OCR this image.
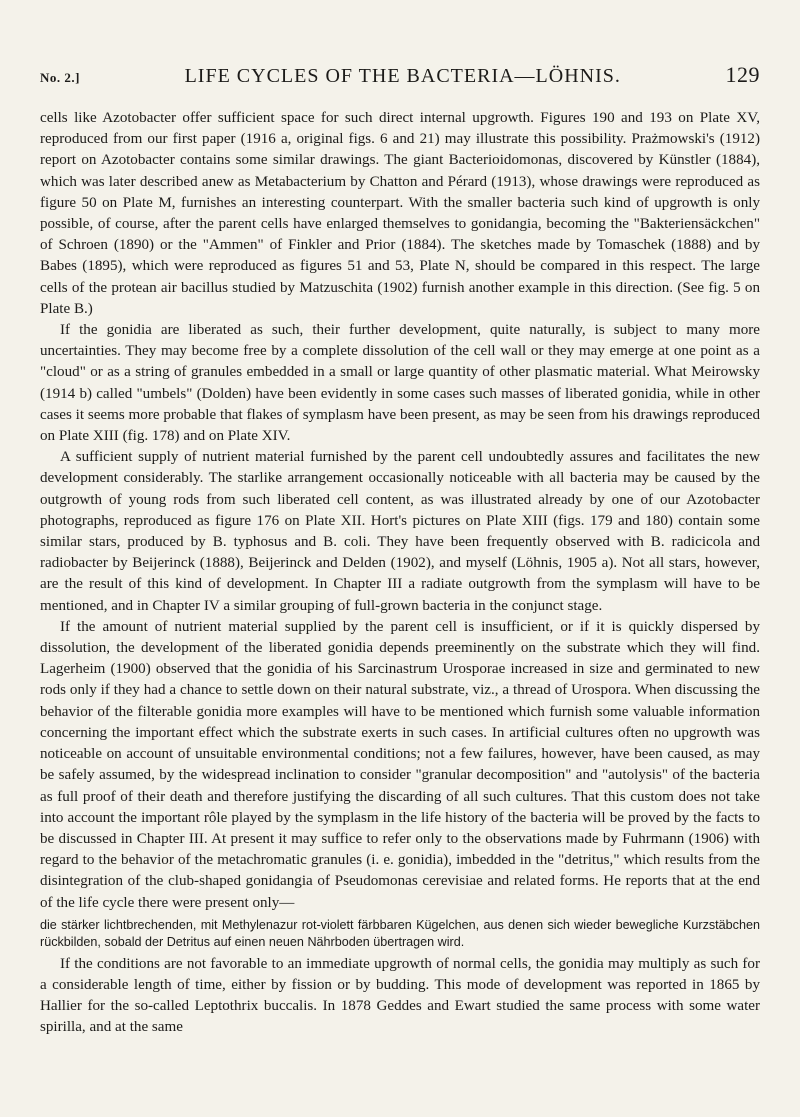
No. 2.]	LIFE CYCLES OF THE BACTERIA—LÖHNIS.	129

cells like Azotobacter offer sufficient space for such direct internal upgrowth. Figures 190 and 193 on Plate XV, reproduced from our first paper (1916 a, original figs. 6 and 21) may illustrate this possibility. Prażmowski's (1912) report on Azotobacter contains some similar drawings. The giant Bacterioidomonas, discovered by Künstler (1884), which was later described anew as Metabacterium by Chatton and Pérard (1913), whose drawings were reproduced as figure 50 on Plate M, furnishes an interesting counterpart. With the smaller bacteria such kind of upgrowth is only possible, of course, after the parent cells have enlarged themselves to gonidangia, becoming the "Bakteriensäckchen" of Schroen (1890) or the "Ammen" of Finkler and Prior (1884). The sketches made by Tomaschek (1888) and by Babes (1895), which were reproduced as figures 51 and 53, Plate N, should be compared in this respect. The large cells of the protean air bacillus studied by Matzuschita (1902) furnish another example in this direction. (See fig. 5 on Plate B.)

If the gonidia are liberated as such, their further development, quite naturally, is subject to many more uncertainties. They may become free by a complete dissolution of the cell wall or they may emerge at one point as a "cloud" or as a string of granules embedded in a small or large quantity of other plasmatic material. What Meirowsky (1914 b) called "umbels" (Dolden) have been evidently in some cases such masses of liberated gonidia, while in other cases it seems more probable that flakes of symplasm have been present, as may be seen from his drawings reproduced on Plate XIII (fig. 178) and on Plate XIV.

A sufficient supply of nutrient material furnished by the parent cell undoubtedly assures and facilitates the new development considerably. The starlike arrangement occasionally noticeable with all bacteria may be caused by the outgrowth of young rods from such liberated cell content, as was illustrated already by one of our Azotobacter photographs, reproduced as figure 176 on Plate XII. Hort's pictures on Plate XIII (figs. 179 and 180) contain some similar stars, produced by B. typhosus and B. coli. They have been frequently observed with B. radicicola and radiobacter by Beijerinck (1888), Beijerinck and Delden (1902), and myself (Löhnis, 1905 a). Not all stars, however, are the result of this kind of development. In Chapter III a radiate outgrowth from the symplasm will have to be mentioned, and in Chapter IV a similar grouping of full-grown bacteria in the conjunct stage.

If the amount of nutrient material supplied by the parent cell is insufficient, or if it is quickly dispersed by dissolution, the development of the liberated gonidia depends preeminently on the substrate which they will find. Lagerheim (1900) observed that the gonidia of his Sarcinastrum Urosporae increased in size and germinated to new rods only if they had a chance to settle down on their natural substrate, viz., a thread of Urospora. When discussing the behavior of the filterable gonidia more examples will have to be mentioned which furnish some valuable information concerning the important effect which the substrate exerts in such cases. In artificial cultures often no upgrowth was noticeable on account of unsuitable environmental conditions; not a few failures, however, have been caused, as may be safely assumed, by the widespread inclination to consider "granular decomposition" and "autolysis" of the bacteria as full proof of their death and therefore justifying the discarding of all such cultures. That this custom does not take into account the important rôle played by the symplasm in the life history of the bacteria will be proved by the facts to be discussed in Chapter III. At present it may suffice to refer only to the observations made by Fuhrmann (1906) with regard to the behavior of the metachromatic granules (i. e. gonidia), imbedded in the "detritus," which results from the disintegration of the club-shaped gonidangia of Pseudomonas cerevisiae and related forms. He reports that at the end of the life cycle there were present only—

die stärker lichtbrechenden, mit Methylenazur rot-violett färbbaren Kügelchen, aus denen sich wieder bewegliche Kurzstäbchen rückbilden, sobald der Detritus auf einen neuen Nährboden übertragen wird.

If the conditions are not favorable to an immediate upgrowth of normal cells, the gonidia may multiply as such for a considerable length of time, either by fission or by budding. This mode of development was reported in 1865 by Hallier for the so-called Leptothrix buccalis. In 1878 Geddes and Ewart studied the same process with some water spirilla, and at the same
